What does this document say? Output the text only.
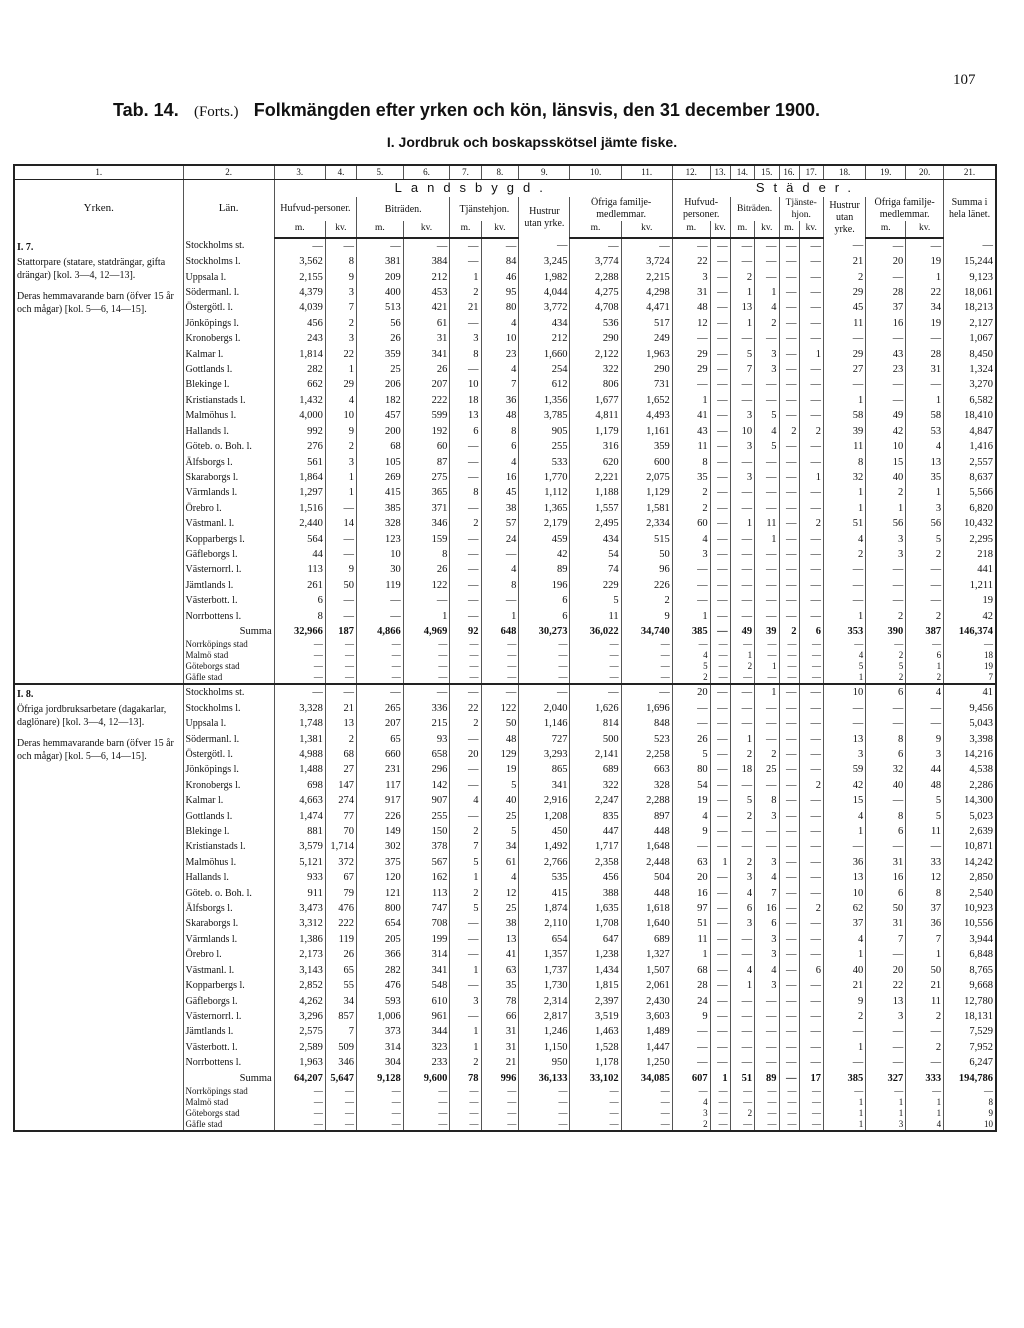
107
Tab. 14. (Forts.) Folkmängden efter yrken och kön, länsvis, den 31 december 1900.
I. Jordbruk och boskapsskötsel jämte fiske.
1.	2.	3.	4.	5.	6.	7.	8.	9.	10.	11.	12.	13.	14.	15.	16.	17.	18.	19.	20.	21.
Yrken.	Län.	Landsbygd.									Städer.									Summa i hela länet.
		Hufvud-personer.		Biträden.		Tjänstehjon.		Hustrur utan yrke.	Öfriga familje-medlemmar.		Hufvud-personer.		Biträden.		Tjänste-hjon.		Hustrur utan yrke.	Öfriga familje-medlemmar.		
		m.	kv.	m.	kv.	m.	kv.		m.	kv.	m.	kv.	m.	kv.	m.	kv.		m.	kv.	

I. 7.
Stattorpare (statare, statdrängar, gifta drängar) [kol. 3—4, 12—13].
Deras hemmavarande barn (öfver 15 år och mågar) [kol. 5—6, 14—15].	Stockholms st.	—	—	—	—	—	—	—	—	—	—	—	—	—	—	—	—	—	—	—
	Stockholms l.	3,562	8	381	384	—	84	3,245	3,774	3,724	22	—	—	—	—	—	21	20	19	15,244
	Uppsala l.	2,155	9	209	212	1	46	1,982	2,288	2,215	3	—	2	—	—	—	2	—	1	9,123
	Södermanl. l.	4,379	3	400	453	2	95	4,044	4,275	4,298	31	—	1	1	—	—	29	28	22	18,061
	Östergötl. l.	4,039	7	513	421	21	80	3,772	4,708	4,471	48	—	13	4	—	—	45	37	34	18,213
	Jönköpings l.	456	2	56	61	—	4	434	536	517	12	—	1	2	—	—	11	16	19	2,127
	Kronobergs l.	243	3	26	31	3	10	212	290	249	—	—	—	—	—	—	—	—	—	1,067
	Kalmar l.	1,814	22	359	341	8	23	1,660	2,122	1,963	29	—	5	3	—	1	29	43	28	8,450
	Gottlands l.	282	1	25	26	—	4	254	322	290	29	—	7	3	—	—	27	23	31	1,324
	Blekinge l.	662	29	206	207	10	7	612	806	731	—	—	—	—	—	—	—	—	—	3,270
	Kristianstads l.	1,432	4	182	222	18	36	1,356	1,677	1,652	1	—	—	—	—	—	1	—	1	6,582
	Malmöhus l.	4,000	10	457	599	13	48	3,785	4,811	4,493	41	—	3	5	—	—	58	49	58	18,410
	Hallands l.	992	9	200	192	6	8	905	1,179	1,161	43	—	10	4	2	2	39	42	53	4,847
	Göteb. o. Boh. l.	276	2	68	60	—	6	255	316	359	11	—	3	5	—	—	11	10	4	1,416
	Älfsborgs l.	561	3	105	87	—	4	533	620	600	8	—	—	—	—	—	8	15	13	2,557
	Skaraborgs l.	1,864	1	269	275	—	16	1,770	2,221	2,075	35	—	3	—	—	1	32	40	35	8,637
	Värmlands l.	1,297	1	415	365	8	45	1,112	1,188	1,129	2	—	—	—	—	—	1	2	1	5,566
	Örebro l.	1,516	—	385	371	—	38	1,365	1,557	1,581	2	—	—	—	—	—	1	1	3	6,820
	Västmanl. l.	2,440	14	328	346	2	57	2,179	2,495	2,334	60	—	1	11	—	2	51	56	56	10,432
	Kopparbergs l.	564	—	123	159	—	24	459	434	515	4	—	—	1	—	—	4	3	5	2,295
	Gäfleborgs l.	44	—	10	8	—	—	42	54	50	3	—	—	—	—	—	2	3	2	218
	Västernorrl. l.	113	9	30	26	—	4	89	74	96	—	—	—	—	—	—	—	—	—	441
	Jämtlands l.	261	50	119	122	—	8	196	229	226	—	—	—	—	—	—	—	—	—	1,211
	Västerbott. l.	6	—	—	—	—	—	6	5	2	—	—	—	—	—	—	—	—	—	19
	Norrbottens l.	8	—	—	1	—	1	6	11	9	1	—	—	—	—	—	1	2	2	42
	Summa	32,966	187	4,866	4,969	92	648	30,273	36,022	34,740	385	—	49	39	2	6	353	390	387	146,374
	Norrköpings stad	—	—	—	—	—	—	—	—	—	—	—	—	—	—	—	—	—	—	—
	Malmö stad	—	—	—	—	—	—	—	—	—	4	—	1	—	—	—	4	2	6	18
	Göteborgs stad	—	—	—	—	—	—	—	—	—	5	—	2	1	—	—	5	5	1	19
	Gäfle stad	—	—	—	—	—	—	—	—	—	2	—	—	—	—	—	1	2	2	7

I. 8.
Öfriga jordbruksarbetare (dagakarlar, daglönare) [kol. 3—4, 12—13].
Deras hemmavarande barn (öfver 15 år och mågar) [kol. 5—6, 14—15].	Stockholms st.	—	—	—	—	—	—	—	—	—	20	—	—	1	—	—	10	6	4	41
	Stockholms l.	3,328	21	265	336	22	122	2,040	1,626	1,696	—	—	—	—	—	—	—	—	—	9,456
	Uppsala l.	1,748	13	207	215	2	50	1,146	814	848	—	—	—	—	—	—	—	—	—	5,043
	Södermanl. l.	1,381	2	65	93	—	48	727	500	523	26	—	1	—	—	—	13	8	9	3,398
	Östergötl. l.	4,988	68	660	658	20	129	3,293	2,141	2,258	5	—	2	2	—	—	3	6	3	14,216
	Jönköpings l.	1,488	27	231	296	—	19	865	689	663	80	—	18	25	—	—	59	32	44	4,538
	Kronobergs l.	698	147	117	142	—	5	341	322	328	54	—	—	—	—	2	42	40	48	2,286
	Kalmar l.	4,663	274	917	907	4	40	2,916	2,247	2,288	19	—	5	8	—	—	15	—	5	14,300
	Gottlands l.	1,474	77	226	255	—	25	1,208	835	897	4	—	2	3	—	—	4	8	5	5,023
	Blekinge l.	881	70	149	150	2	5	450	447	448	9	—	—	—	—	—	1	6	11	2,639
	Kristianstads l.	3,579	1,714	302	378	7	34	1,492	1,717	1,648	—	—	—	—	—	—	—	—	—	10,871
	Malmöhus l.	5,121	372	375	567	5	61	2,766	2,358	2,448	63	1	2	3	—	—	36	31	33	14,242
	Hallands l.	933	67	120	162	1	4	535	456	504	20	—	3	4	—	—	13	16	12	2,850
	Götеb. o. Boh. l.	911	79	121	113	2	12	415	388	448	16	—	4	7	—	—	10	6	8	2,540
	Älfsborgs l.	3,473	476	800	747	5	25	1,874	1,635	1,618	97	—	6	16	—	2	62	50	37	10,923
	Skaraborgs l.	3,312	222	654	708	—	38	2,110	1,708	1,640	51	—	3	6	—	—	37	31	36	10,556
	Värmlands l.	1,386	119	205	199	—	13	654	647	689	11	—	—	3	—	—	4	7	7	3,944
	Örebro l.	2,173	26	366	314	—	41	1,357	1,238	1,327	1	—	—	3	—	—	1	—	1	6,848
	Västmanl. l.	3,143	65	282	341	1	63	1,737	1,434	1,507	68	—	4	4	—	6	40	20	50	8,765
	Kopparbergs l.	2,852	55	476	548	—	35	1,730	1,815	2,061	28	—	1	3	—	—	21	22	21	9,668
	Gäfleborgs l.	4,262	34	593	610	3	78	2,314	2,397	2,430	24	—	—	—	—	—	9	13	11	12,780
	Västernorrl. l.	3,296	857	1,006	961	—	66	2,817	3,519	3,603	9	—	—	—	—	—	2	3	2	18,131
	Jämtlands l.	2,575	7	373	344	1	31	1,246	1,463	1,489	—	—	—	—	—	—	—	—	—	7,529
	Västerbott. l.	2,589	509	314	323	1	31	1,150	1,528	1,447	—	—	—	—	—	—	1	—	2	7,952
	Norrbottens l.	1,963	346	304	233	2	21	950	1,178	1,250	—	—	—	—	—	—	—	—	—	6,247
	Summa	64,207	5,647	9,128	9,600	78	996	36,133	33,102	34,085	607	1	51	89	—	17	385	327	333	194,786
	Norrköpings stad	—	—	—	—	—	—	—	—	—	—	—	—	—	—	—	—	—	—	—
	Malmö stad	—	—	—	—	—	—	—	—	—	4	—	—	—	—	—	1	1	1	8
	Göteborgs stad	—	—	—	—	—	—	—	—	—	3	—	2	—	—	—	1	1	1	9
	Gäfle stad	—	—	—	—	—	—	—	—	—	2	—	—	—	—	—	1	3	4	10
